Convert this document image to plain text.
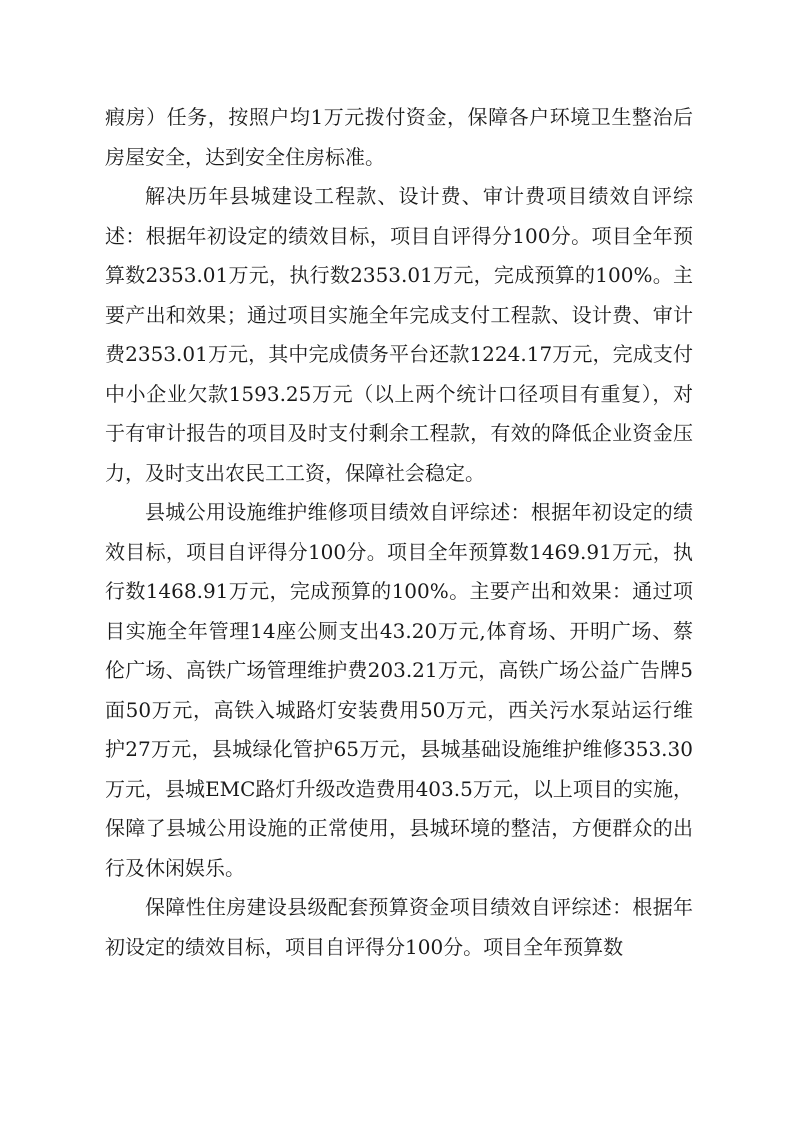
瘕房）任务，按照户均1万元拨付资金，保障各户环境卫生整治后房屋安全，达到安全住房标准。

解决历年县城建设工程款、设计费、审计费项目绩效自评综述：根据年初设定的绩效目标，项目自评得分100分。项目全年预算数2353.01万元，执行数2353.01万元，完成预算的100%。主要产出和效果；通过项目实施全年完成支付工程款、设计费、审计费2353.01万元，其中完成债务平台还款1224.17万元，完成支付中小企业欠款1593.25万元（以上两个统计口径项目有重复），对于有审计报告的项目及时支付剩余工程款，有效的降低企业资金压力，及时支出农民工工资，保障社会稳定。

县城公用设施维护维修项目绩效自评综述：根据年初设定的绩效目标，项目自评得分100分。项目全年预算数1469.91万元，执行数1468.91万元，完成预算的100%。主要产出和效果：通过项目实施全年管理14座公厕支出43.20万元,体育场、开明广场、蔡伦广场、高铁广场管理维护费203.21万元，高铁广场公益广告牌5面50万元，高铁入城路灯安装费用50万元，西关污水泵站运行维护27万元，县城绿化管护65万元，县城基础设施维护维修353.30万元，县城EMC路灯升级改造费用403.5万元，以上项目的实施，保障了县城公用设施的正常使用，县城环境的整洁，方便群众的出行及休闲娱乐。

保障性住房建设县级配套预算资金项目绩效自评综述：根据年初设定的绩效目标，项目自评得分100分。项目全年预算数
